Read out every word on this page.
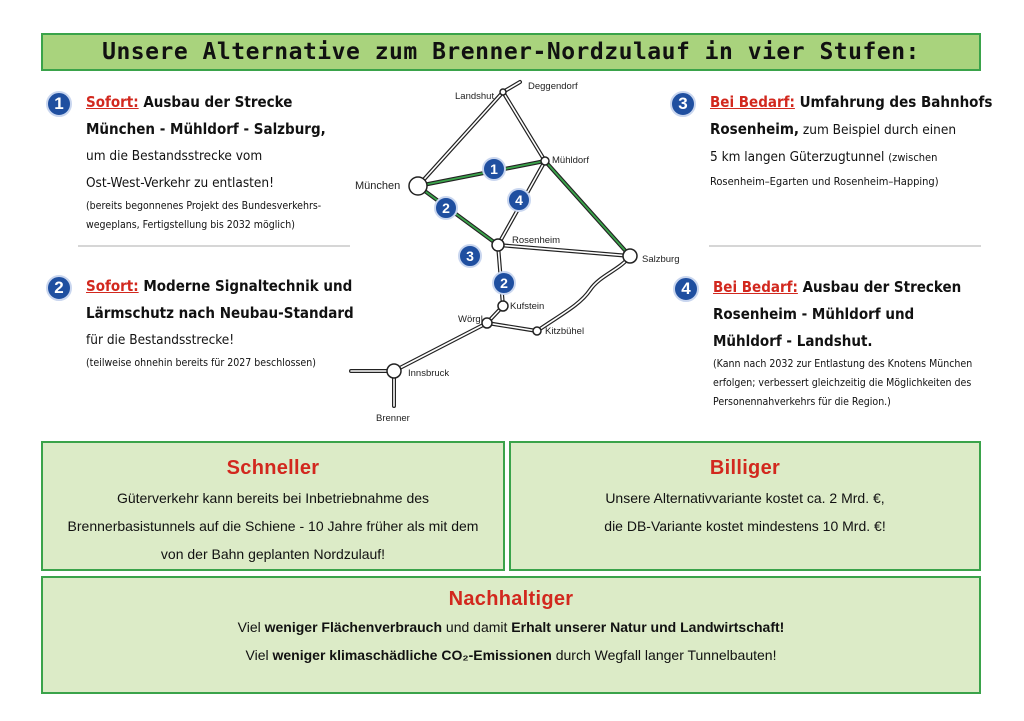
Unsere Alternative zum Brenner-Nordzulauf in vier Stufen:
1	Sofort: Ausbau der Strecke
München - Mühldorf - Salzburg,
um die Bestandsstrecke vom
Ost-West-Verkehr zu entlasten!
(bereits begonnenes Projekt des Bundesverkehrs-
wegeplans, Fertigstellung bis 2032 möglich)
2	Sofort: Moderne Signaltechnik und
Lärmschutz nach Neubau-Standard
für die Bestandsstrecke!
(teilweise ohnehin bereits für 2027 beschlossen)
3	Bei Bedarf: Umfahrung des Bahnhofs
Rosenheim, zum Beispiel durch einen
5 km langen Güterzugtunnel (zwischen
Rosenheim–Egarten und Rosenheim–Happing)
4	Bei Bedarf: Ausbau der Strecken
Rosenheim - Mühldorf und
Mühldorf - Landshut.
(Kann nach 2032 zur Entlastung des Knotens München
erfolgen; verbessert gleichzeitig die Möglichkeiten des
Personennahverkehrs für die Region.)
Landshut
Deggendorf
Mühldorf
München
Rosenheim
Salzburg
Kufstein
Wörgl
Kitzbühel
Innsbruck
Brenner
1
2
3
2
4
Schneller
Güterverkehr kann bereits bei Inbetriebnahme des
Brennerbasistunnels auf die Schiene - 10 Jahre früher als mit dem
von der Bahn geplanten Nordzulauf!
Billiger
Unsere Alternativvariante kostet ca. 2 Mrd. €,
die DB-Variante kostet mindestens 10 Mrd. €!
Nachhaltiger
Viel weniger Flächenverbrauch und damit Erhalt unserer Natur und Landwirtschaft!
Viel weniger klimaschädliche CO₂-Emissionen durch Wegfall langer Tunnelbauten!
